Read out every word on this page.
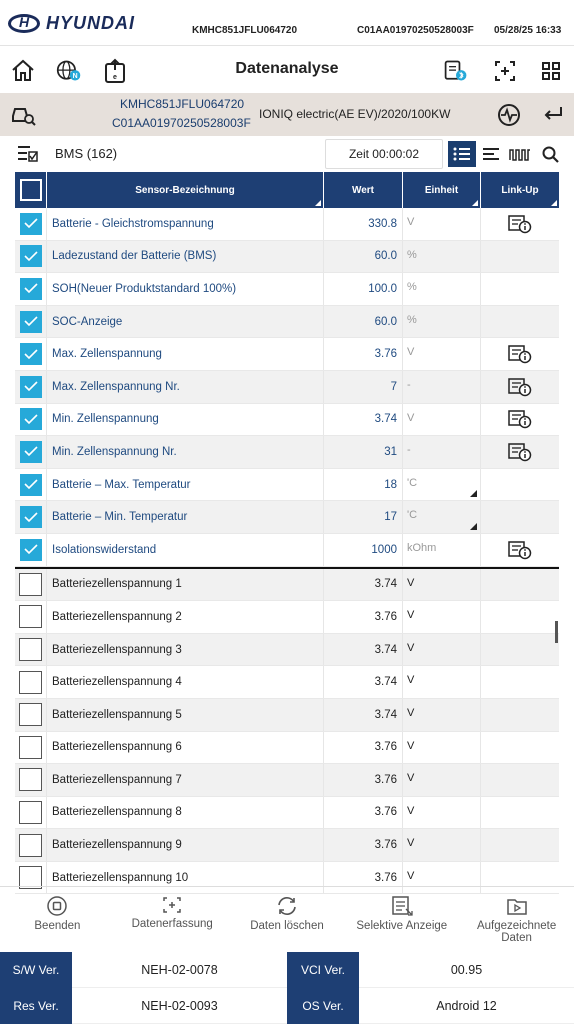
H
HYUNDAI	KMHC851JFLU064720	C01AA01970250528003F 05/28/25 16:33
N	e
Datenanalyse
KMHC851JFLU064720
C01AA01970250528003F
IONIQ electric(AE EV)/2020/100KW
BMS (162)	Zeit 00:00:02
Sensor-Bezeichnung	Wert	Einheit	Link-Up
Batterie - Gleichstromspannung	330.8 V
Ladezustand der Batterie (BMS)	60.0 %
SOH(Neuer Produktstandard 100%)	100.0 %
SOC-Anzeige	60.0 %
Max. Zellenspannung	3.76 V
Max. Zellenspannung Nr.	7 -
Min. Zellenspannung	3.74 V
Min. Zellenspannung Nr.	31 -
Batterie – Max. Temperatur	18 'C
Batterie – Min. Temperatur	17 'C
Isolationswiderstand	1000 kOhm
Batteriezellenspannung 1	3.74 V
Batteriezellenspannung 2	3.76 V
Batteriezellenspannung 3	3.74 V
Batteriezellenspannung 4	3.74 V
Batteriezellenspannung 5	3.74 V
Batteriezellenspannung 6	3.76 V
Batteriezellenspannung 7	3.76 V
Batteriezellenspannung 8	3.76 V
Batteriezellenspannung 9	3.76 V
Batteriezellenspannung 10	3.76 V
Beenden	Datenerfassung	Daten löschen	Selektive Anzeige	Aufgezeichnete
Daten
S/W Ver.	NEH-02-0078	VCI Ver.	00.95
Res Ver.	NEH-02-0093	OS Ver.	Android 12
